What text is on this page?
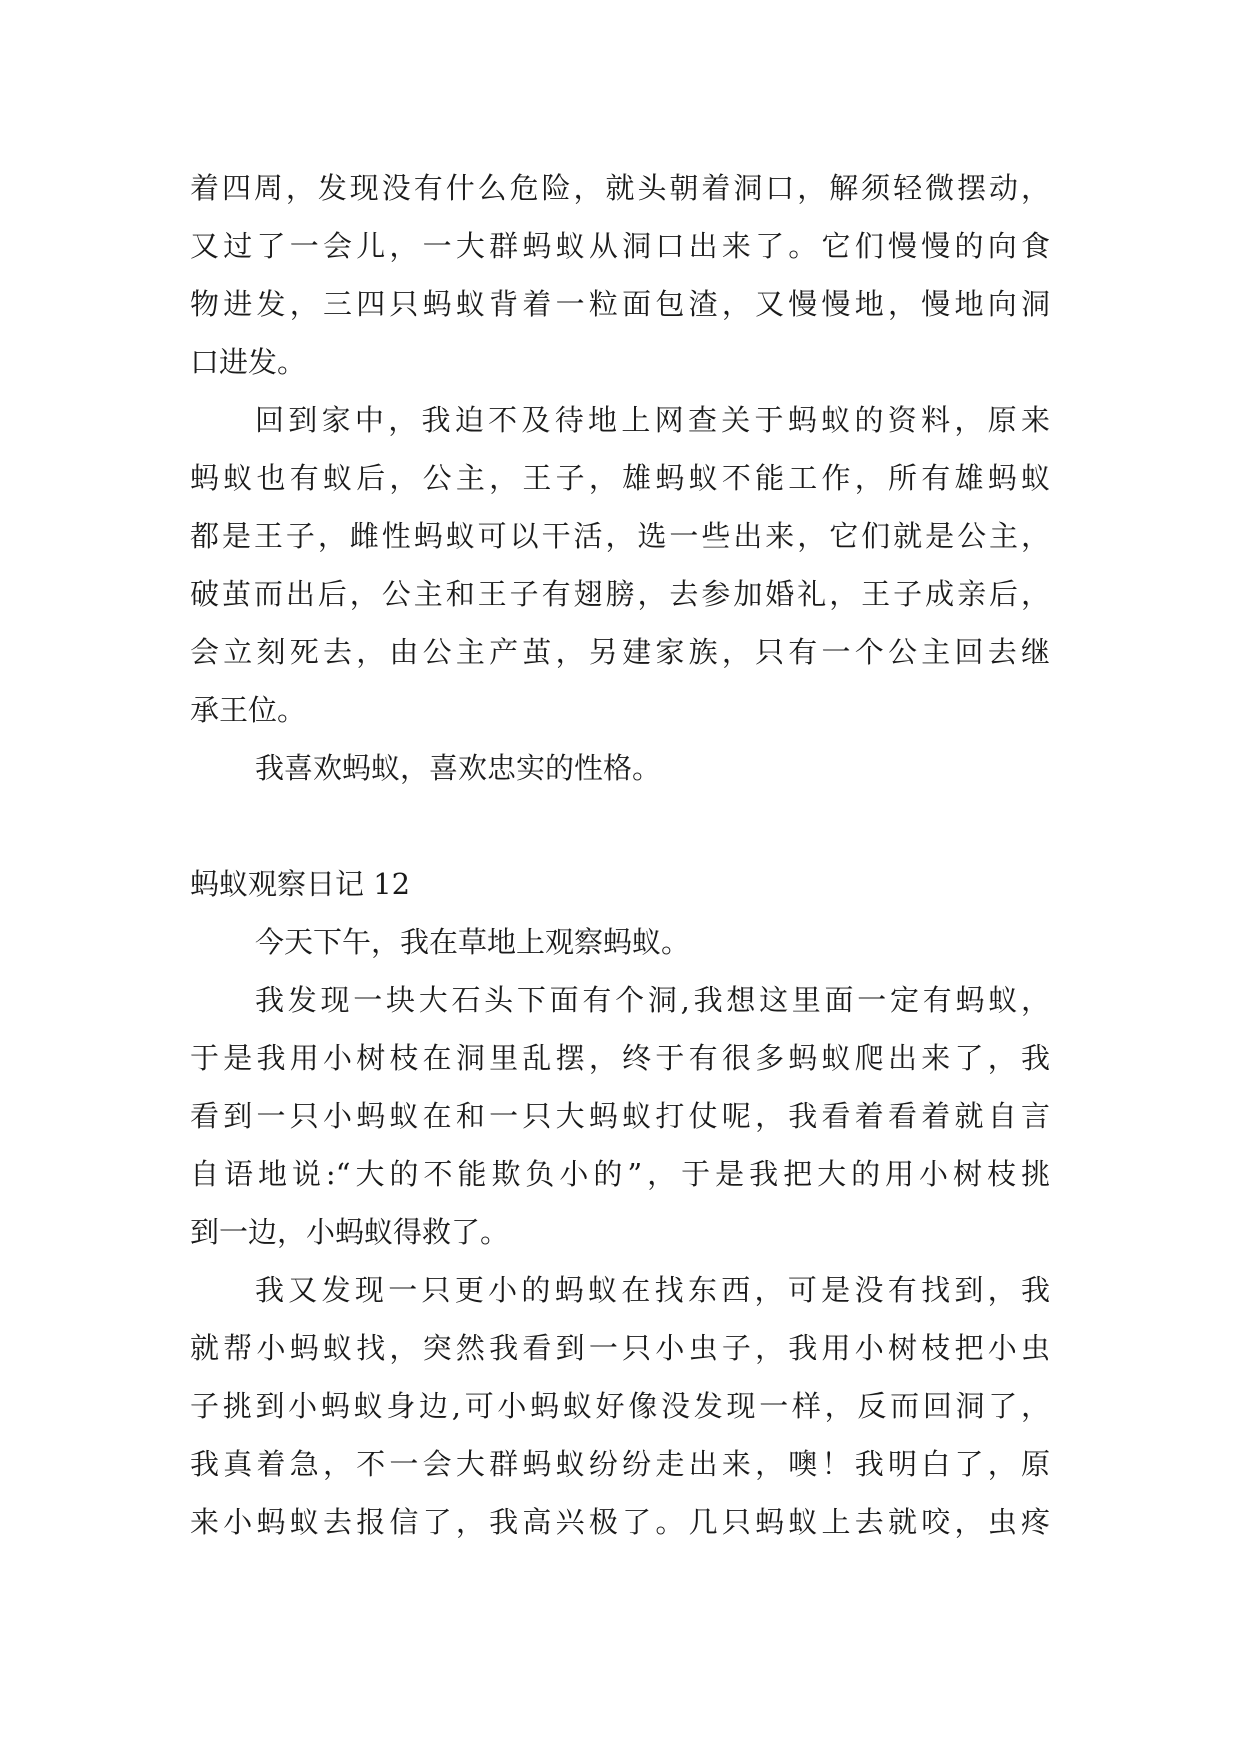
着四周，发现没有什么危险，就头朝着洞口，解须轻微摆动，
又过了一会儿，一大群蚂蚁从洞口出来了。它们慢慢的向食
物进发，三四只蚂蚁背着一粒面包渣，又慢慢地，慢地向洞
口进发。
回到家中，我迫不及待地上网查关于蚂蚁的资料，原来
蚂蚁也有蚁后，公主，王子，雄蚂蚁不能工作，所有雄蚂蚁
都是王子，雌性蚂蚁可以干活，选一些出来，它们就是公主，
破茧而出后，公主和王子有翅膀，去参加婚礼，王子成亲后，
会立刻死去，由公主产茧，另建家族，只有一个公主回去继
承王位。
我喜欢蚂蚁，喜欢忠实的性格。
蚂蚁观察日记 12
今天下午，我在草地上观察蚂蚁。
我发现一块大石头下面有个洞,我想这里面一定有蚂蚁，
于是我用小树枝在洞里乱摆，终于有很多蚂蚁爬出来了，我
看到一只小蚂蚁在和一只大蚂蚁打仗呢，我看着看着就自言
自语地说:“大的不能欺负小的”，于是我把大的用小树枝挑
到一边，小蚂蚁得救了。
我又发现一只更小的蚂蚁在找东西，可是没有找到，我
就帮小蚂蚁找，突然我看到一只小虫子，我用小树枝把小虫
子挑到小蚂蚁身边,可小蚂蚁好像没发现一样，反而回洞了，
我真着急，不一会大群蚂蚁纷纷走出来，噢！我明白了，原
来小蚂蚁去报信了，我高兴极了。几只蚂蚁上去就咬，虫疼
